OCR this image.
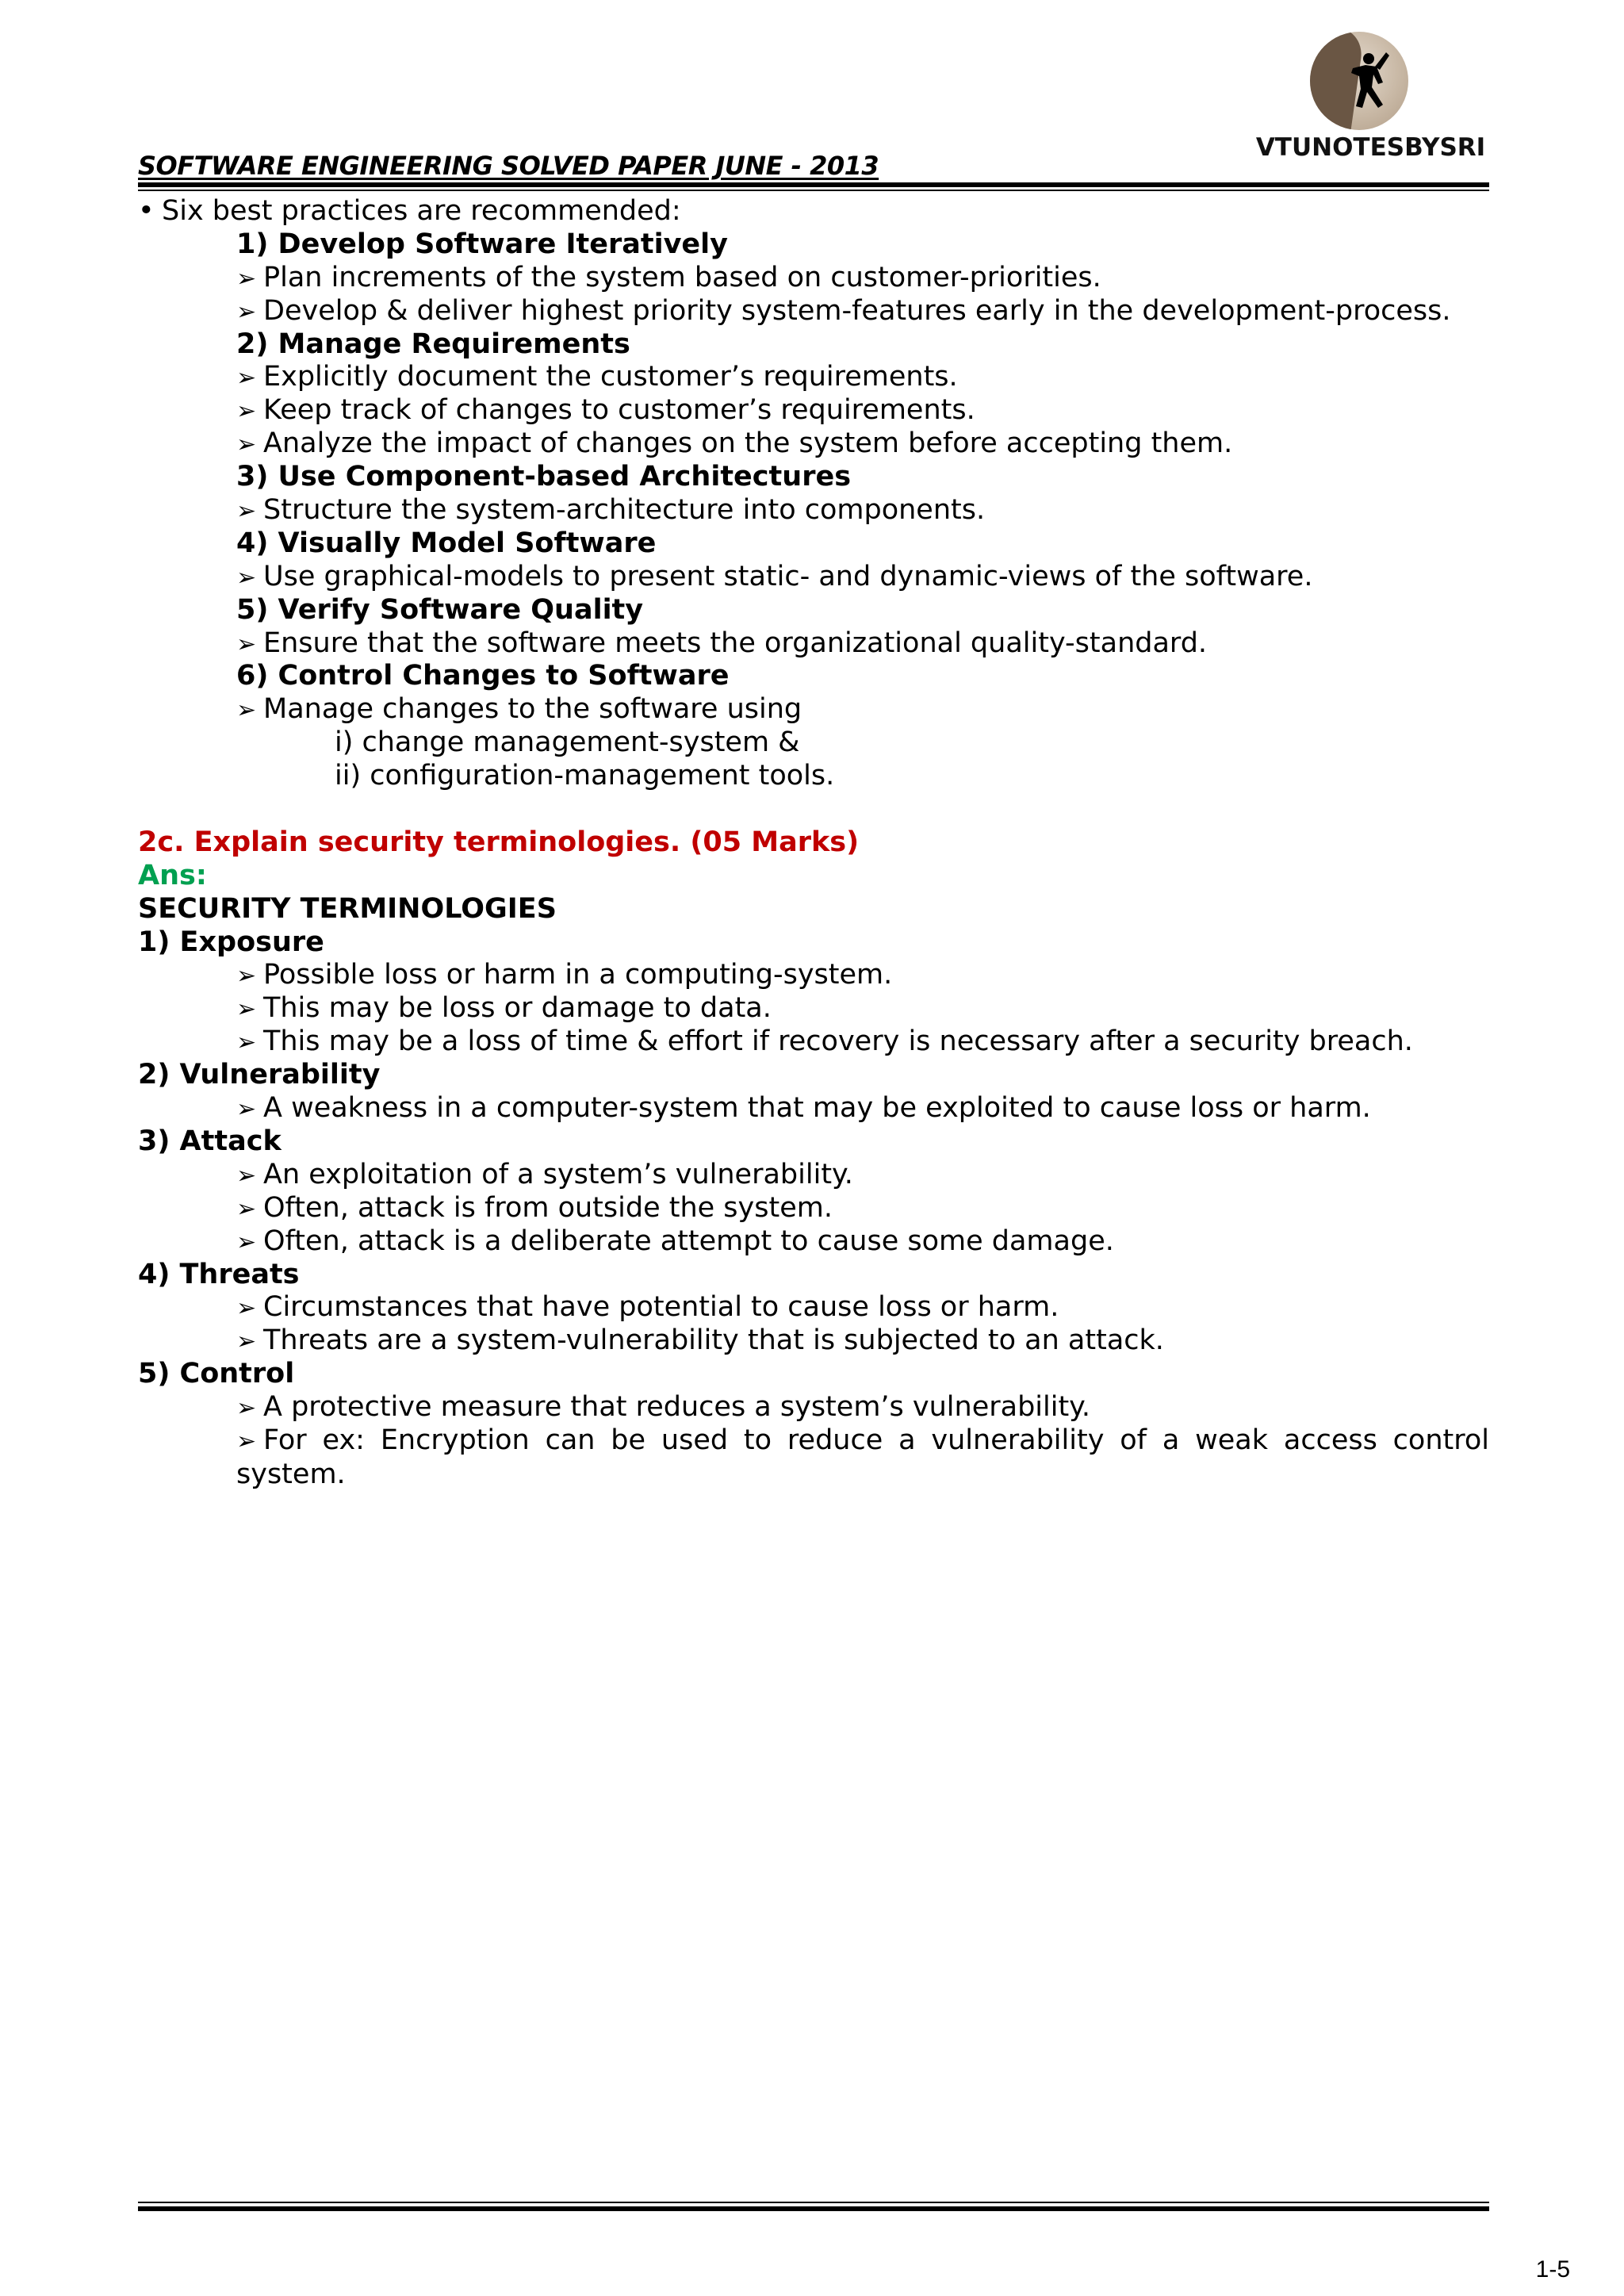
SOFTWARE ENGINEERING SOLVED PAPER JUNE - 2013
VTUNOTESBYSRI
• Six best practices are recommended:
1) Develop Software Iteratively
➢ Plan increments of the system based on customer-priorities.
➢ Develop & deliver highest priority system-features early in the development-process.
2) Manage Requirements
➢ Explicitly document the customer’s requirements.
➢ Keep track of changes to customer’s requirements.
➢ Analyze the impact of changes on the system before accepting them.
3) Use Component-based Architectures
➢ Structure the system-architecture into components.
4) Visually Model Software
➢ Use graphical-models to present static- and dynamic-views of the software.
5) Verify Software Quality
➢ Ensure that the software meets the organizational quality-standard.
6) Control Changes to Software
➢ Manage changes to the software using
i) change management-system &
ii) configuration-management tools.
2c. Explain security terminologies. (05 Marks)
Ans:
SECURITY TERMINOLOGIES
1) Exposure
➢ Possible loss or harm in a computing-system.
➢ This may be loss or damage to data.
➢ This may be a loss of time & effort if recovery is necessary after a security breach.
2) Vulnerability
➢ A weakness in a computer-system that may be exploited to cause loss or harm.
3) Attack
➢ An exploitation of a system’s vulnerability.
➢ Often, attack is from outside the system.
➢ Often, attack is a deliberate attempt to cause some damage.
4) Threats
➢ Circumstances that have potential to cause loss or harm.
➢ Threats are a system-vulnerability that is subjected to an attack.
5) Control
➢ A protective measure that reduces a system’s vulnerability.
➢ For ex: Encryption can be used to reduce a vulnerability of a weak access control
system.
1-5
